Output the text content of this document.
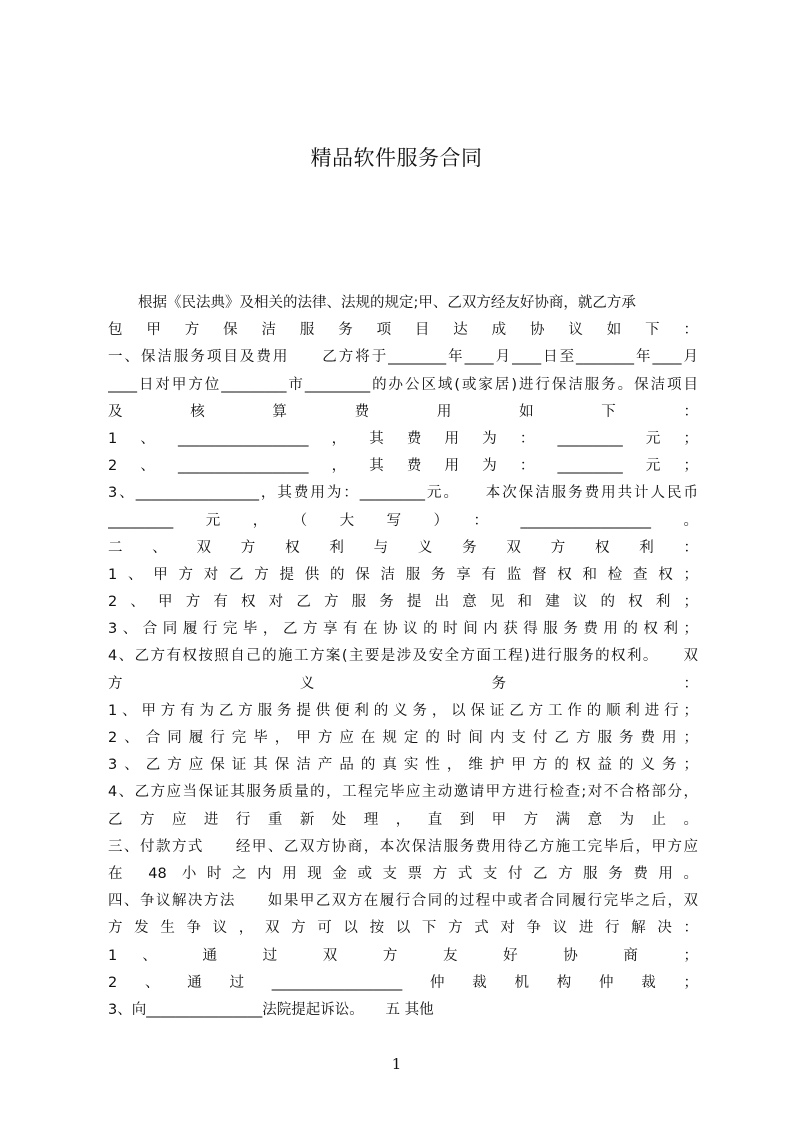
精品软件服务合同
根据《民法典》及相关的法律、法规的规定;甲、乙双方经友好协商，就乙方承
包 甲 方 保 洁 服 务 项 目 达 成 协 议 如 下 ：
一、保洁服务项目及费用　　乙方将于________年____月____日至________年____月
____日对甲方位_________市_________的办公区域(或家居)进行保洁服务。保洁项目
及 核 算 费 用 如 下 ：
1、__________________，其费用为：_________元；
2、__________________，其费用为：_________元；
3、_________________，其费用为：_________元。　　本次保洁服务费用共计人民币
_________元，（大写）：__________________。
二 、 双 方 权 利 与 义 务 双 方 权 利 ：
1、甲方对乙方提供的保洁服务享有监督权和检查权；
2、甲方有权对乙方服务提出意见和建议的权利；
3、合同履行完毕，乙方享有在协议的时间内获得服务费用的权利；
4、乙方有权按照自己的施工方案(主要是涉及安全方面工程)进行服务的权利。　　双
方 义 务 ：
1、甲方有为乙方服务提供便利的义务，以保证乙方工作的顺利进行；
2、合同履行完毕，甲方应在规定的时间内支付乙方服务费用；
3、乙方应保证其保洁产品的真实性，维护甲方的权益的义务；
4、乙方应当保证其服务质量的，工程完毕应主动邀请甲方进行检查;对不合格部分，
乙 方 应 进 行 重 新 处 理 ， 直 到 甲 方 满 意 为 止 。
三、付款方式　　经甲、乙双方协商，本次保洁服务费用待乙方施工完毕后，甲方应
在 48 小时之内用现金或支票方式支付乙方服务费用。
四、争议解决方法　　如果甲乙双方在履行合同的过程中或者合同履行完毕之后，双
方发生争议，双方可以按以下方式对争议进行解决：
1 、 通 过 双 方 友 好 协 商 ；
2、通过__________________仲裁机构仲裁；
3、向________________法院提起诉讼。　　五 其他
1
